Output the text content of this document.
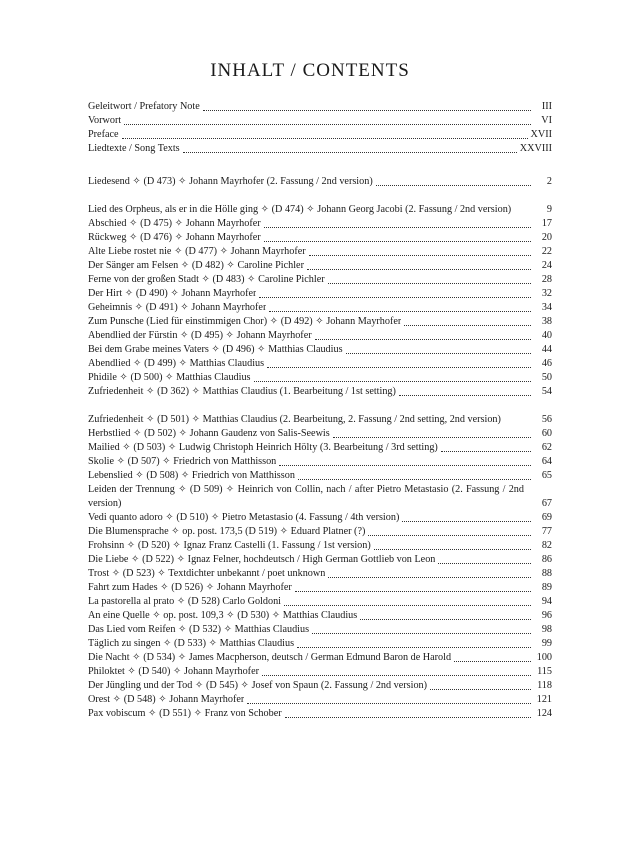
INHALT / CONTENTS
Geleitwort / Prefatory Note	III
Vorwort	VI
Preface	XVII
Liedtexte / Song Texts	XXVIII
Liedesend ✧ (D 473) ✧ Johann Mayrhofer (2. Fassung / 2nd version)	2
Lied des Orpheus, als er in die Hölle ging ✧ (D 474) ✧ Johann Georg Jacobi (2. Fassung / 2nd version)	9
Abschied ✧ (D 475) ✧ Johann Mayrhofer	17
Rückweg ✧ (D 476) ✧ Johann Mayrhofer	20
Alte Liebe rostet nie ✧ (D 477) ✧ Johann Mayrhofer	22
Der Sänger am Felsen ✧ (D 482) ✧ Caroline Pichler	24
Ferne von der großen Stadt ✧ (D 483) ✧ Caroline Pichler	28
Der Hirt ✧ (D 490) ✧ Johann Mayrhofer	32
Geheimnis ✧ (D 491) ✧ Johann Mayrhofer	34
Zum Punsche (Lied für einstimmigen Chor) ✧ (D 492) ✧ Johann Mayrhofer	38
Abendlied der Fürstin ✧ (D 495) ✧ Johann Mayrhofer	40
Bei dem Grabe meines Vaters ✧ (D 496) ✧ Matthias Claudius	44
Abendlied ✧ (D 499) ✧ Matthias Claudius	46
Phidile ✧ (D 500) ✧ Matthias Claudius	50
Zufriedenheit ✧ (D 362) ✧ Matthias Claudius (1. Bearbeitung / 1st setting)	54
Zufriedenheit ✧ (D 501) ✧ Matthias Claudius (2. Bearbeitung, 2. Fassung / 2nd setting, 2nd version)	56
Herbstlied ✧ (D 502) ✧ Johann Gaudenz von Salis-Seewis	60
Mailied ✧ (D 503) ✧ Ludwig Christoph Heinrich Hölty (3. Bearbeitung / 3rd setting)	62
Skolie ✧ (D 507) ✧ Friedrich von Matthisson	64
Lebenslied ✧ (D 508) ✧ Friedrich von Matthisson	65
Leiden der Trennung ✧ (D 509) ✧ Heinrich von Collin, nach / after Pietro Metastasio (2. Fassung / 2nd version)	67
Vedi quanto adoro ✧ (D 510) ✧ Pietro Metastasio (4. Fassung / 4th version)	69
Die Blumensprache ✧ op. post. 173,5 (D 519) ✧ Eduard Platner (?)	77
Frohsinn ✧ (D 520) ✧ Ignaz Franz Castelli (1. Fassung / 1st version)	82
Die Liebe ✧ (D 522) ✧ Ignaz Felner, hochdeutsch / High German Gottlieb von Leon	86
Trost ✧ (D 523) ✧ Textdichter unbekannt / poet unknown	88
Fahrt zum Hades ✧ (D 526) ✧ Johann Mayrhofer	89
La pastorella al prato ✧ (D 528) Carlo Goldoni	94
An eine Quelle ✧ op. post. 109,3 ✧ (D 530) ✧ Matthias Claudius	96
Das Lied vom Reifen ✧ (D 532) ✧ Matthias Claudius	98
Täglich zu singen ✧ (D 533) ✧ Matthias Claudius	99
Die Nacht ✧ (D 534) ✧ James Macpherson, deutsch / German Edmund Baron de Harold	100
Philoktet ✧ (D 540) ✧ Johann Mayrhofer	115
Der Jüngling und der Tod ✧ (D 545) ✧ Josef von Spaun (2. Fassung / 2nd version)	118
Orest ✧ (D 548) ✧ Johann Mayrhofer	121
Pax vobiscum ✧ (D 551) ✧ Franz von Schober	124
